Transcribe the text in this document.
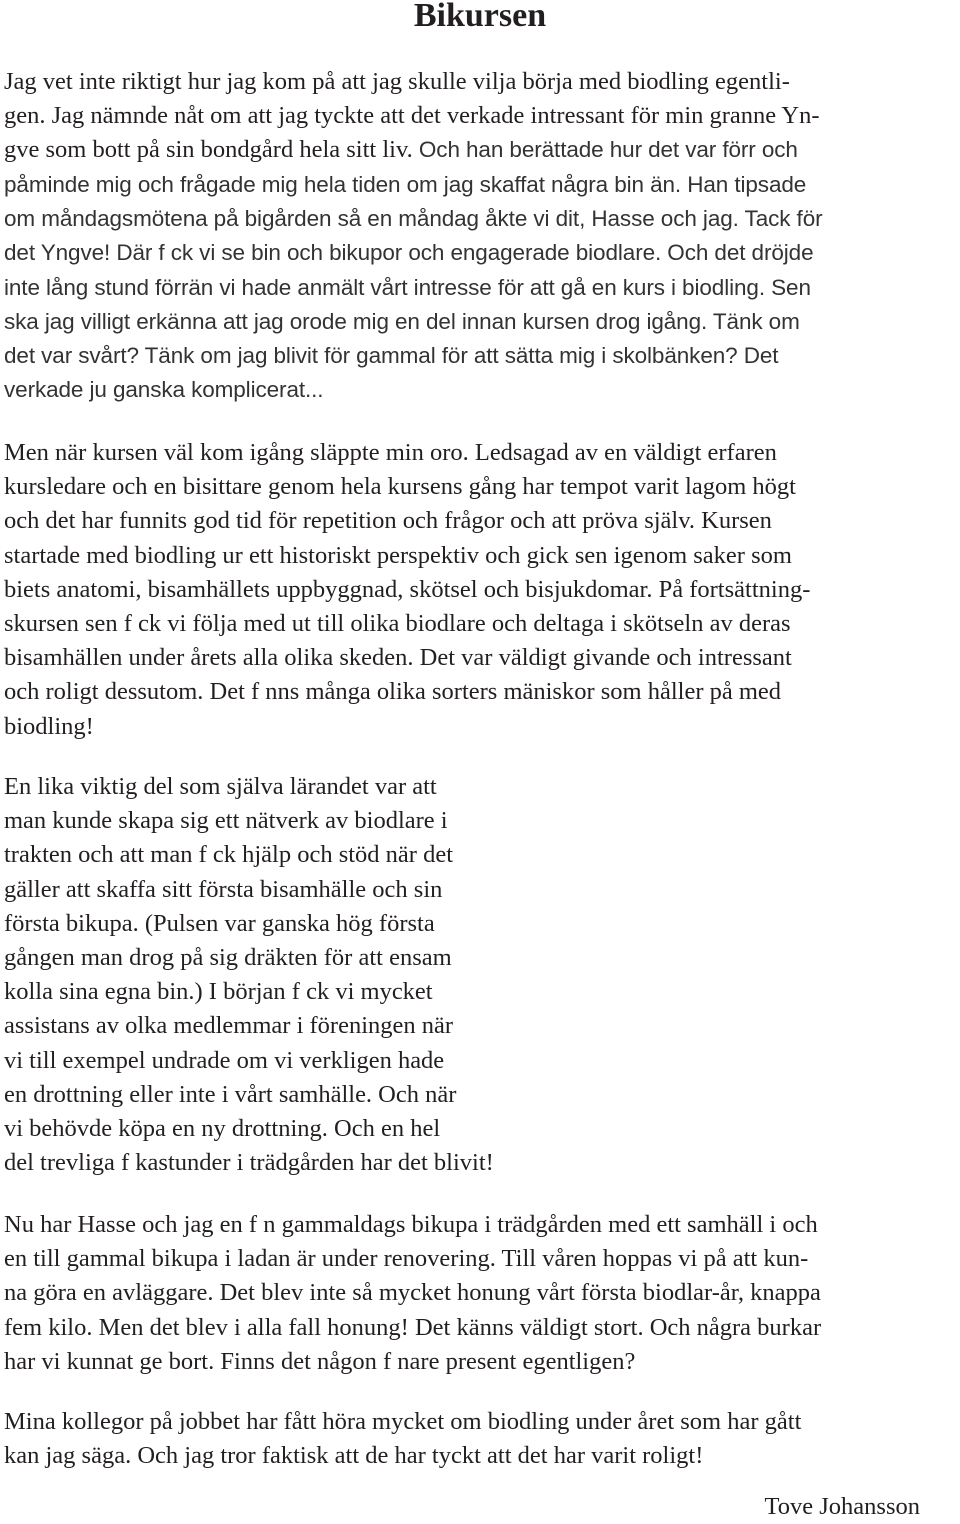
Bikursen
Jag vet inte riktigt hur jag kom på att jag skulle vilja börja med biodling egentli-
gen. Jag nämnde nåt om att jag tyckte att det verkade intressant för min granne Yn-
gve som bott på sin bondgård hela sitt liv. Och han berättade hur det var förr och
påminde mig och frågade mig hela tiden om jag skaffat några bin än. Han tipsade
om måndagsmötena på bigården så en måndag åkte vi dit, Hasse och jag. Tack för
det Yngve! Där f ck vi se bin och bikupor och engagerade biodlare. Och det dröjde
inte lång stund förrän vi hade anmält vårt intresse för att gå en kurs i biodling. Sen
ska jag villigt erkänna att jag orode mig en del innan kursen drog igång. Tänk om
det var svårt? Tänk om jag blivit för gammal för att sätta mig i skolbänken? Det
verkade ju ganska komplicerat...
Men när kursen väl kom igång släppte min oro. Ledsagad av en väldigt erfaren
kursledare och en bisittare genom hela kursens gång har tempot varit lagom högt
och det har funnits god tid för repetition och frågor och att pröva själv. Kursen
startade med biodling ur ett historiskt perspektiv och gick sen igenom saker som
biets anatomi, bisamhällets uppbyggnad, skötsel och bisjukdomar. På fortsättning-
skursen sen f ck vi följa med ut till olika biodlare och deltaga i skötseln av deras
bisamhällen under årets alla olika skeden. Det var väldigt givande och intressant
och roligt dessutom. Det f nns många olika sorters mäniskor som håller på med
biodling!
En lika viktig del som själva lärandet var att
man kunde skapa sig ett nätverk av biodlare i
trakten och att man f ck hjälp och stöd när det
gäller att skaffa sitt första bisamhälle och sin
första bikupa. (Pulsen var ganska hög första
gången man drog på sig dräkten för att ensam
kolla sina egna bin.) I början f ck vi mycket
assistans av olka medlemmar i föreningen när
vi till exempel undrade om vi verkligen hade
en drottning eller inte i vårt samhälle. Och när
vi behövde köpa en ny drottning. Och en hel
del trevliga f kastunder i trädgården har det blivit!
Nu har Hasse och jag en f n gammaldags bikupa i trädgården med ett samhäll i och
en till gammal bikupa i ladan är under renovering. Till våren hoppas vi på att kun-
na göra en avläggare. Det blev inte så mycket honung vårt första biodlar-år, knappa
fem kilo. Men det blev i alla fall honung! Det känns väldigt stort. Och några burkar
har vi kunnat ge bort. Finns det någon f nare present egentligen?
Mina kollegor på jobbet har fått höra mycket om biodling under året som har gått
kan jag säga. Och jag tror faktisk att de har tyckt att det har varit roligt!
Tove Johansson
